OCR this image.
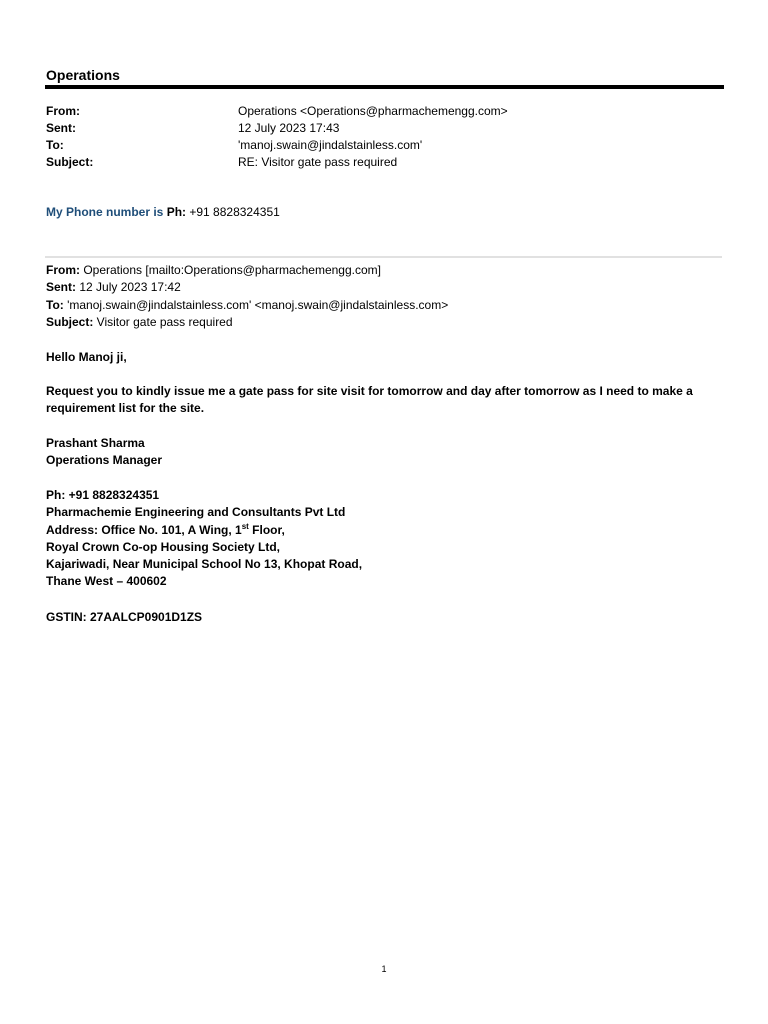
Operations
From:	Operations <Operations@pharmachemengg.com>
Sent:	12 July 2023 17:43
To:	'manoj.swain@jindalstainless.com'
Subject:	RE: Visitor gate pass required
My Phone number is Ph: +91 8828324351
From: Operations [mailto:Operations@pharmachemengg.com]
Sent: 12 July 2023 17:42
To: 'manoj.swain@jindalstainless.com' <manoj.swain@jindalstainless.com>
Subject: Visitor gate pass required
Hello Manoj ji,
Request you to kindly issue me a gate pass for site visit for tomorrow and day after tomorrow as I need to make a
requirement list for the site.
Prashant Sharma
Operations Manager
Ph: +91 8828324351
Pharmachemie Engineering and Consultants Pvt Ltd
Address: Office No. 101, A Wing, 1st Floor,
Royal Crown Co-op Housing Society Ltd,
Kajariwadi, Near Municipal School No 13, Khopat Road,
Thane West – 400602
GSTIN: 27AALCP0901D1ZS
1
